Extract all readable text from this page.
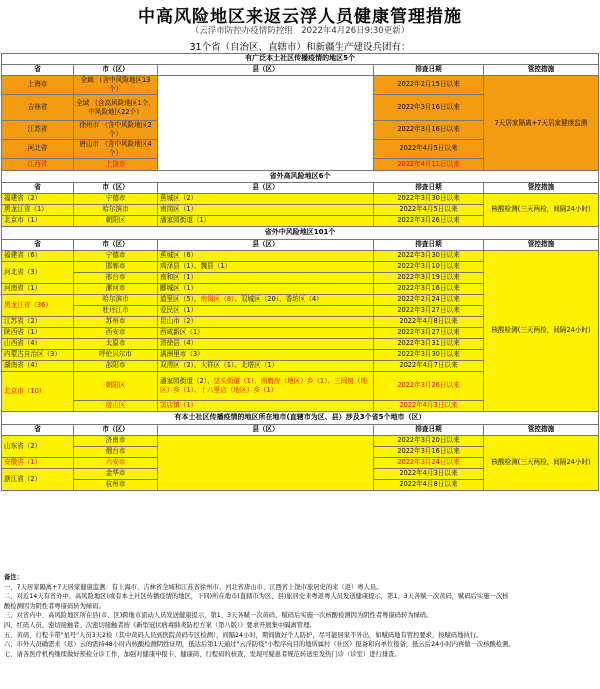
中高风险地区来返云浮人员健康管理措施
（云浮市防控办疫情防控组　2022年4月26日9:30更新）
31个省（自治区、直辖市）和新疆生产建设兵团有：
有广泛本土社区传播疫情的地区5个				
省	市（区）	县（区）	排查日期	管控措施
上海市	全域 （含中风险地区13个）		2022年2月15日以来	7天居家隔离+7天居家健康监测
吉林省	全域 （含高风险地区1个， 中风险地区22个）		2022年3月16日以来	
江苏省	徐州市 （含中风险地区2个）		2022年3月16日以来	
河北省	唐山市 （含中风险地区4个）		2022年4月5日以来	
江西省	上饶市		2022年4月11日以来	
省外高风险地区6个				
省	市（区）	县（区）	排查日期	管控措施
福建省（2）	宁德市	蕉城区（2）	2022年3月30日以来	核酸检测(三天两检，间隔24小时)
黑龙江省（1）	哈尔滨市	南岗区（1）	2022年4月5日以来	
北京市（1）	朝阳区	潘家园街道（1）	2022年3月26日以来	
省外中风险地区101个				
省	市（区）	县（区）	排查日期	管控措施
福建省（6）	宁德市	蕉城区（6）	2022年3月30日以来	核酸检测(三天两检，间隔24小时)
河北省（3）	邯郸市	鸡泽县（1）、魏县（1）	2022年3月10日以来	
	邢台市	南和区（1）	2022年3月19日以来	
河南省（1）	漯河市	郾城区（1）	2022年3月16日以来	
黑龙江省（36）	哈尔滨市	道里区（5）、南岗区（8）、双城区（20）、香坊区（4）	2022年2月24日以来	
	牡丹江市	爱民区（1）	2022年3月27日以来	
江苏省（2）	苏州市	昆山市（2）	2022年4月8日以来	
陕西省（1）	西安市	西咸新区（1）	2022年3月27日以来	
山西省（4）	太原市	清徐县（4）	2022年3月31日以来	
内蒙古自治区（3）	呼伦贝尔市	满洲里市（3）	2022年3月30日以来	
湖南省（4）	邵阳市	双清区（2）、大祥区（1）、北塔区（1）	2022年4月7日以来	
北京市（10）	朝阳区	潘家园街道（2）、垡头街道（1）、南磨房（地区）乡（1）、三间房（地区）乡（1）、十八里店（地区）乡（1）	2022年3月26日以来	
	房山区	窦店镇（1）	2022年4月3日以来	
有本土社区传播疫情的地区所在地市(直辖市为区、县）涉及3个省5个地市（区）				
省	市（区）	县（区）	排查日期	管控措施
山东省（2）	济南市		2022年3月20日以来	核酸检测(三天两检，间隔24小时)
	烟台市		2022年3月16日以来	
安徽省（1）	六安市		2022年3月24日以来	
浙江省（2）	金华市		2022年4月3日以来	
	杭州市		2022年4月8日以来	
备注：
一、7天居家隔离+7天居家健康监测：有上海市、吉林省全域和江苏省徐州市、河北省唐山市、江西省上饶市旅居史的来（返）粤人员。
二、对近14天有省外中、高风险地区(或有本土社区传播疫情的地区，下同)所在地市(直辖市为区、县)旅居史来粤返粤人员发送健康提示，第1、3天各赋一次黄码，赋码后实施一次核
酸检测因为阴性者粤康码转为绿码。
三、对省内中、高风险地区所在县(市、区)跨地市流动人员发送健康提示，第1、3天各赋一次黄码，赋码后实施一次核酸检测因为阴性者粤康码转为绿码。
四、红码人员、密切接触者、次密切接触者按《新型冠状病毒肺炎防控方案（第八版）》要求开展集中隔离管理。
五、黄码、行程卡带"星号"人员3天2检（其中黄码人员到医院黄码专区检测），间隔24小时，期间做好个人防护，尽可能居家不外出，如赋码地有管控要求，按赋码地执行。
六、市外人员确需来（返）云的需持48小时内核酸检测阴性证明，抵达后第1天通过"云浮防疫"小程序向目的地所属村（社区）报备和向单位报备，抵云后24小时内再做一次核酸检测。
七、请各医疗机构继续做好预检分诊工作，加强对健康申报卡、健康码、行程码的核查，发现可疑患者规范转送至发热门诊（诊室）进行排查。
